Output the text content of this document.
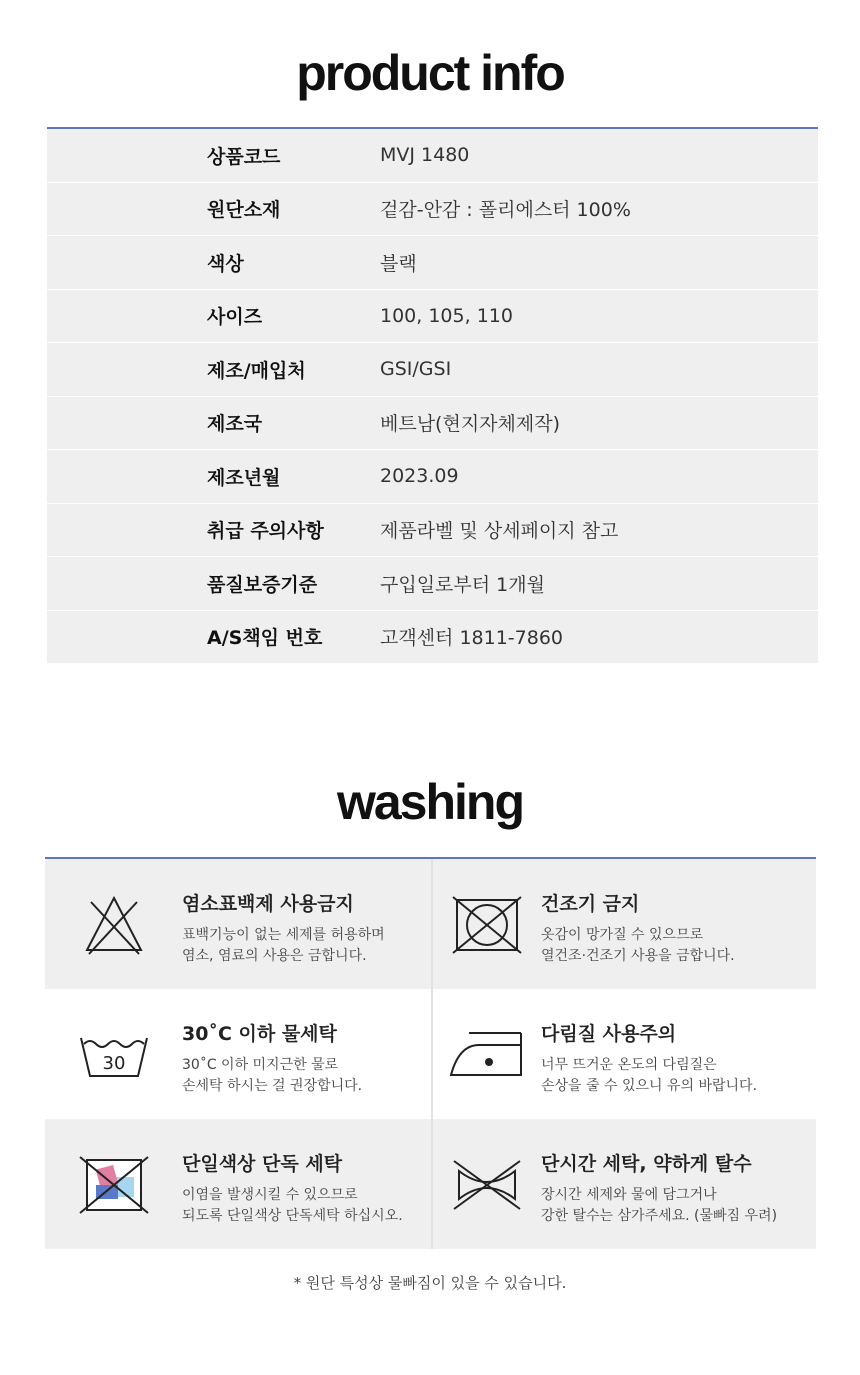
product info
상품코드	MVJ 1480
원단소재	겉감-안감 : 폴리에스터 100%
색상	블랙
사이즈	100, 105, 110
제조/매입처	GSI/GSI
제조국	베트남(현지자체제작)
제조년월	2023.09
취급 주의사항	제품라벨 및 상세페이지 참고
품질보증기준	구입일로부터 1개월
A/S책임 번호	고객센터 1811-7860
washing
염소표백제 사용금지
표백기능이 없는 세제를 허용하며
염소, 염료의 사용은 금합니다.
건조기 금지
옷감이 망가질 수 있으므로
열건조·건조기 사용을 금합니다.
30
30˚C 이하 물세탁
30˚C 이하 미지근한 물로
손세탁 하시는 걸 권장합니다.
다림질 사용주의
너무 뜨거운 온도의 다림질은
손상을 줄 수 있으니 유의 바랍니다.
단일색상 단독 세탁
이염을 발생시킬 수 있으므로
되도록 단일색상 단독세탁 하십시오.
단시간 세탁, 약하게 탈수
장시간 세제와 물에 담그거나
강한 탈수는 삼가주세요. (물빠짐 우려)

* 원단 특성상 물빠짐이 있을 수 있습니다.
